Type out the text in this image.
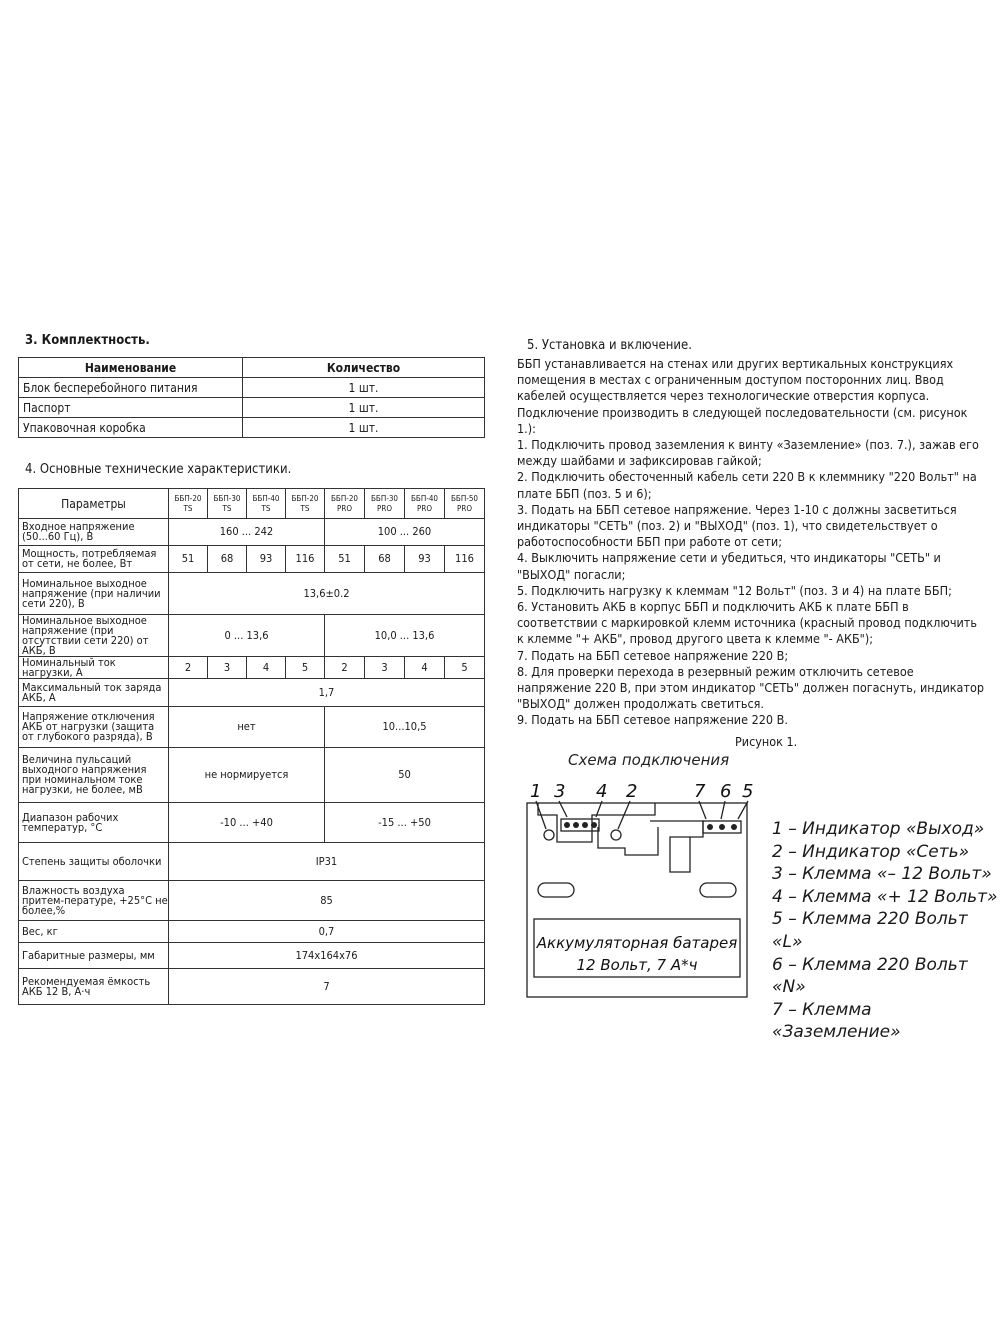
3. Комплектность.
Наименование	Количество
Блок бесперебойного питания	1 шт.
Паспорт	1 шт.
Упаковочная коробка	1 шт.
4. Основные технические характеристики.
Параметры	ББП-20 TS	ББП-30 TS	ББП-40 TS	ББП-20 TS	ББП-20 PRO	ББП-30 PRO	ББП-40 PRO	ББП-50 PRO
Входное напряжение (50...60 Гц), В	160 ... 242				100 ... 260			
Мощность, потребляемая от сети, не более, Вт	51	68	93	116	51	68	93	116
Номинальное выходное напряжение (при наличии сети 220), В	13,6±0.2							
Номинальное выходное напряжение (при отсутствии сети 220) от АКБ, В	0 ... 13,6				10,0 ... 13,6			
Номинальный ток нагрузки, А	2	3	4	5	2	3	4	5
Максимальный ток заряда АКБ, А	1,7							
Напряжение отключения АКБ от нагрузки (защита от глубокого разряда), В	нет				10...10,5			
Величина пульсаций выходного напряжения при номинальном токе нагрузки, не более, мВ	не нормируется				50			
Диапазон рабочих температур, °С	-10 ... +40				-15 ... +50			
Степень защиты оболочки	IP31							
Влажность воздуха притем-пературе, +25°С не более,%	85							
Вес, кг	0,7							
Габаритные размеры, мм	174х164х76							
Рекомендуемая ёмкость АКБ 12 В, А·ч	7							
5. Установка и включение.

ББП устанавливается на стенах или других вертикальных конструкциях помещения в местах с ограниченным доступом посторонних лиц. Ввод кабелей осуществляется через технологические отверстия корпуса.

Подключение производить в следующей последовательности (см. рисунок 1.):

1. Подключить провод заземления к винту «Заземление» (поз. 7.), зажав его между шайбами и зафиксировав гайкой;

2. Подключить обесточенный кабель сети 220 В к клеммнику "220 Вольт" на плате ББП (поз. 5 и 6);

3. Подать на ББП сетевое напряжение. Через 1-10 с должны засветиться индикаторы "СЕТЬ" (поз. 2) и "ВЫХОД" (поз. 1), что свидетельствует о работоспособности ББП при работе от сети;

4. Выключить напряжение сети и убедиться, что индикаторы "СЕТЬ" и "ВЫХОД" погасли;

5. Подключить нагрузку к клеммам "12 Вольт" (поз. 3 и 4) на плате ББП;

6. Установить АКБ в корпус ББП и подключить АКБ к плате ББП в соответствии с маркировкой клемм источника (красный провод подключить к клемме "+ АКБ", провод другого цвета к клемме "- АКБ");

7. Подать на ББП сетевое напряжение 220 В;

8. Для проверки перехода в резервный режим отключить сетевое напряжение 220 В, при этом индикатор "СЕТЬ" должен погаснуть, индикатор "ВЫХОД" должен продолжать светиться.

9. Подать на ББП сетевое напряжение 220 В.

Рисунок 1.
Схема подключения
1 3 4 2	7 6 5
Аккумуляторная батарея
12 Вольт, 7 А*ч
1 – Индикатор «Выход»
2 – Индикатор «Сеть»
3 – Клемма «– 12 Вольт»
4 – Клемма «+ 12 Вольт»
5 – Клемма 220 Вольт «L»
6 – Клемма 220 Вольт «N»
7 – Клемма «Заземление»
